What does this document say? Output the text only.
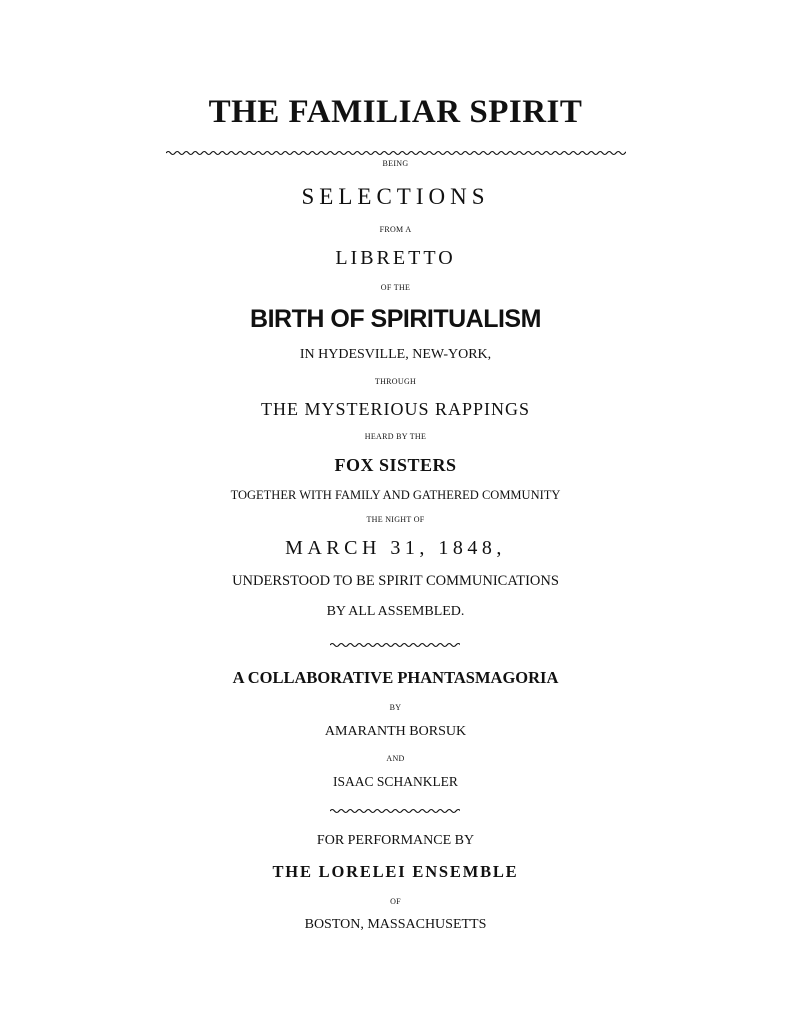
THE FAMILIAR SPIRIT
BEING
SELECTIONS
FROM A
LIBRETTO
OF THE
BIRTH OF SPIRITUALISM
IN HYDESVILLE, NEW-YORK,
THROUGH
THE MYSTERIOUS RAPPINGS
HEARD BY THE
FOX SISTERS
TOGETHER WITH FAMILY AND GATHERED COMMUNITY
THE NIGHT OF
MARCH 31, 1848,
UNDERSTOOD TO BE SPIRIT COMMUNICATIONS
BY ALL ASSEMBLED.
A COLLABORATIVE PHANTASMAGORIA
BY
AMARANTH BORSUK
AND
ISAAC SCHANKLER
FOR PERFORMANCE BY
THE LORELEI ENSEMBLE
OF
BOSTON, MASSACHUSETTS
